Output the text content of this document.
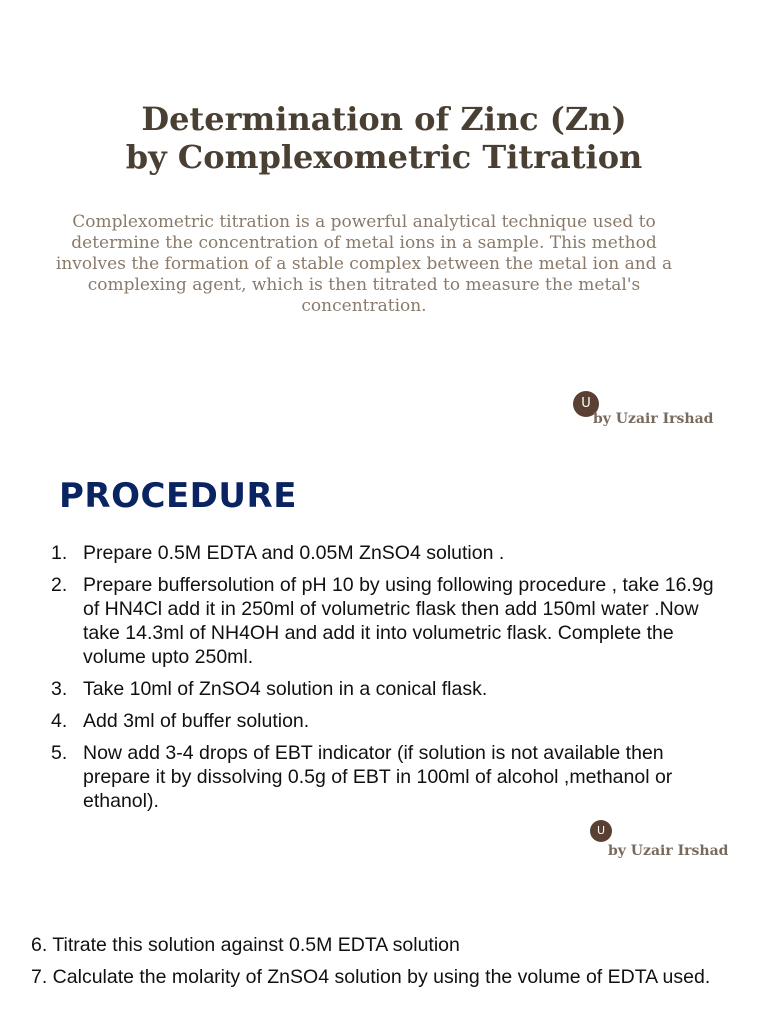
Determination of Zinc (Zn)
by Complexometric Titration

Complexometric titration is a powerful analytical technique used to determine the concentration of metal ions in a sample. This method involves the formation of a stable complex between the metal ion and a complexing agent, which is then titrated to measure the metal's concentration.

U
by Uzair Irshad
PROCEDURE
1. Prepare 0.5M EDTA and 0.05M ZnSO4 solution .
2. Prepare buffersolution of pH 10 by using following procedure , take 16.9g of HN4Cl add it in 250ml of volumetric flask then add 150ml water .Now take 14.3ml of NH4OH and add it into volumetric flask. Complete the volume upto 250ml.
3. Take 10ml of ZnSO4 solution in a conical flask.
4. Add 3ml of buffer solution.
5. Now add 3-4 drops of EBT indicator (if solution is not available then prepare it by dissolving 0.5g of EBT in 100ml of alcohol ,methanol or ethanol).
U
by Uzair Irshad
6. Titrate this solution against 0.5M EDTA solution
7. Calculate the molarity of ZnSO4 solution by using the volume of EDTA used.
